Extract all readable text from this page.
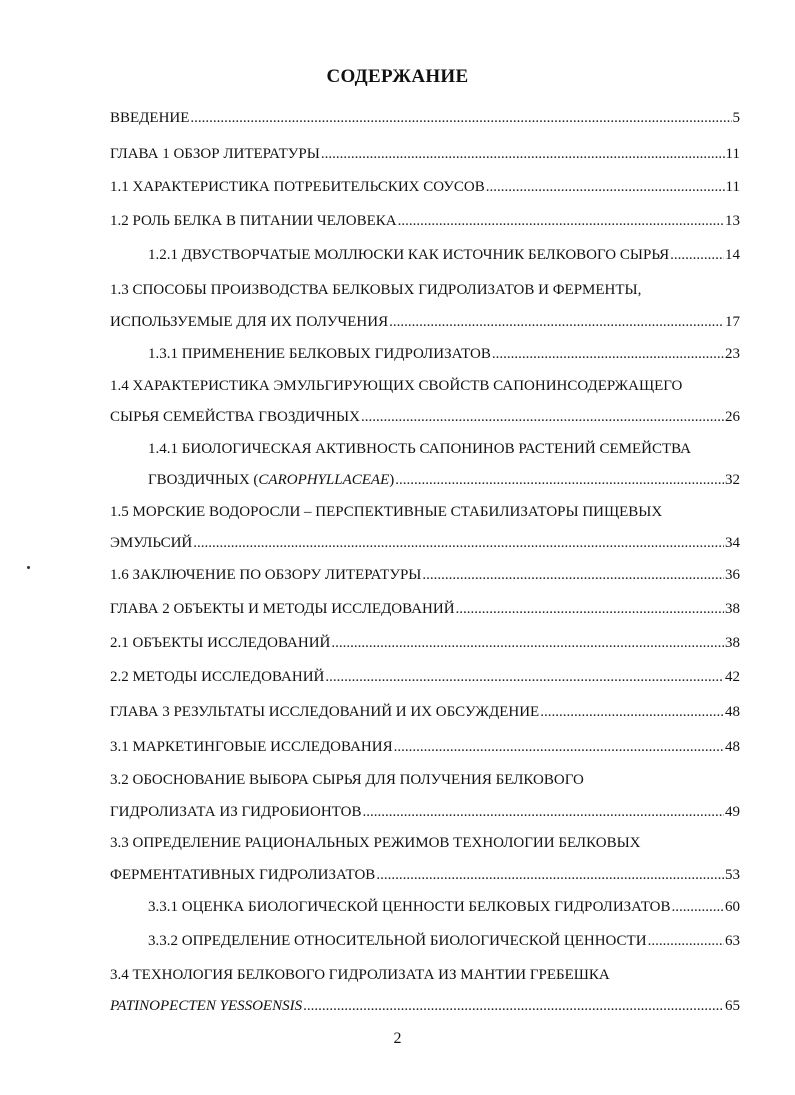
СОДЕРЖАНИЕ
ВВЕДЕНИЕ .....	5
ГЛАВА 1 ОБЗОР ЛИТЕРАТУРЫ .....	11
1.1 ХАРАКТЕРИСТИКА ПОТРЕБИТЕЛЬСКИХ СОУСОВ .....	11
1.2 РОЛЬ БЕЛКА В ПИТАНИИ ЧЕЛОВЕКА .....	13
1.2.1 ДВУСТВОРЧАТЫЕ МОЛЛЮСКИ КАК ИСТОЧНИК БЕЛКОВОГО СЫРЬЯ .....	14
1.3 СПОСОБЫ ПРОИЗВОДСТВА БЕЛКОВЫХ ГИДРОЛИЗАТОВ И ФЕРМЕНТЫ,
ИСПОЛЬЗУЕМЫЕ ДЛЯ ИХ ПОЛУЧЕНИЯ .....	17
1.3.1 ПРИМЕНЕНИЕ БЕЛКОВЫХ ГИДРОЛИЗАТОВ .....	23
1.4 ХАРАКТЕРИСТИКА ЭМУЛЬГИРУЮЩИХ СВОЙСТВ САПОНИНСОДЕРЖАЩЕГО
СЫРЬЯ СЕМЕЙСТВА ГВОЗДИЧНЫХ .....	26
1.4.1 БИОЛОГИЧЕСКАЯ АКТИВНОСТЬ САПОНИНОВ РАСТЕНИЙ СЕМЕЙСТВА
ГВОЗДИЧНЫХ (CAROPHYLLACEAE) .....	32
1.5 МОРСКИЕ ВОДОРОСЛИ – ПЕРСПЕКТИВНЫЕ СТАБИЛИЗАТОРЫ ПИЩЕВЫХ
ЭМУЛЬСИЙ .....	34
1.6 ЗАКЛЮЧЕНИЕ ПО ОБЗОРУ ЛИТЕРАТУРЫ .....	36
ГЛАВА 2 ОБЪЕКТЫ И МЕТОДЫ ИССЛЕДОВАНИЙ .....	38
2.1 ОБЪЕКТЫ ИССЛЕДОВАНИЙ .....	38
2.2 МЕТОДЫ ИССЛЕДОВАНИЙ .....	42
ГЛАВА 3 РЕЗУЛЬТАТЫ ИССЛЕДОВАНИЙ И ИХ ОБСУЖДЕНИЕ .....	48
3.1 МАРКЕТИНГОВЫЕ ИССЛЕДОВАНИЯ .....	48
3.2 ОБОСНОВАНИЕ ВЫБОРА СЫРЬЯ ДЛЯ ПОЛУЧЕНИЯ БЕЛКОВОГО
ГИДРОЛИЗАТА ИЗ ГИДРОБИОНТОВ .....	49
3.3 ОПРЕДЕЛЕНИЕ РАЦИОНАЛЬНЫХ РЕЖИМОВ ТЕХНОЛОГИИ БЕЛКОВЫХ
ФЕРМЕНТАТИВНЫХ ГИДРОЛИЗАТОВ .....	53
3.3.1 ОЦЕНКА БИОЛОГИЧЕСКОЙ ЦЕННОСТИ БЕЛКОВЫХ ГИДРОЛИЗАТОВ .....	60
3.3.2 ОПРЕДЕЛЕНИЕ ОТНОСИТЕЛЬНОЙ БИОЛОГИЧЕСКОЙ ЦЕННОСТИ .....	63
3.4 ТЕХНОЛОГИЯ БЕЛКОВОГО ГИДРОЛИЗАТА ИЗ МАНТИИ ГРЕБЕШКА
PATINOPECTEN YESSOENSIS .....	65
2
